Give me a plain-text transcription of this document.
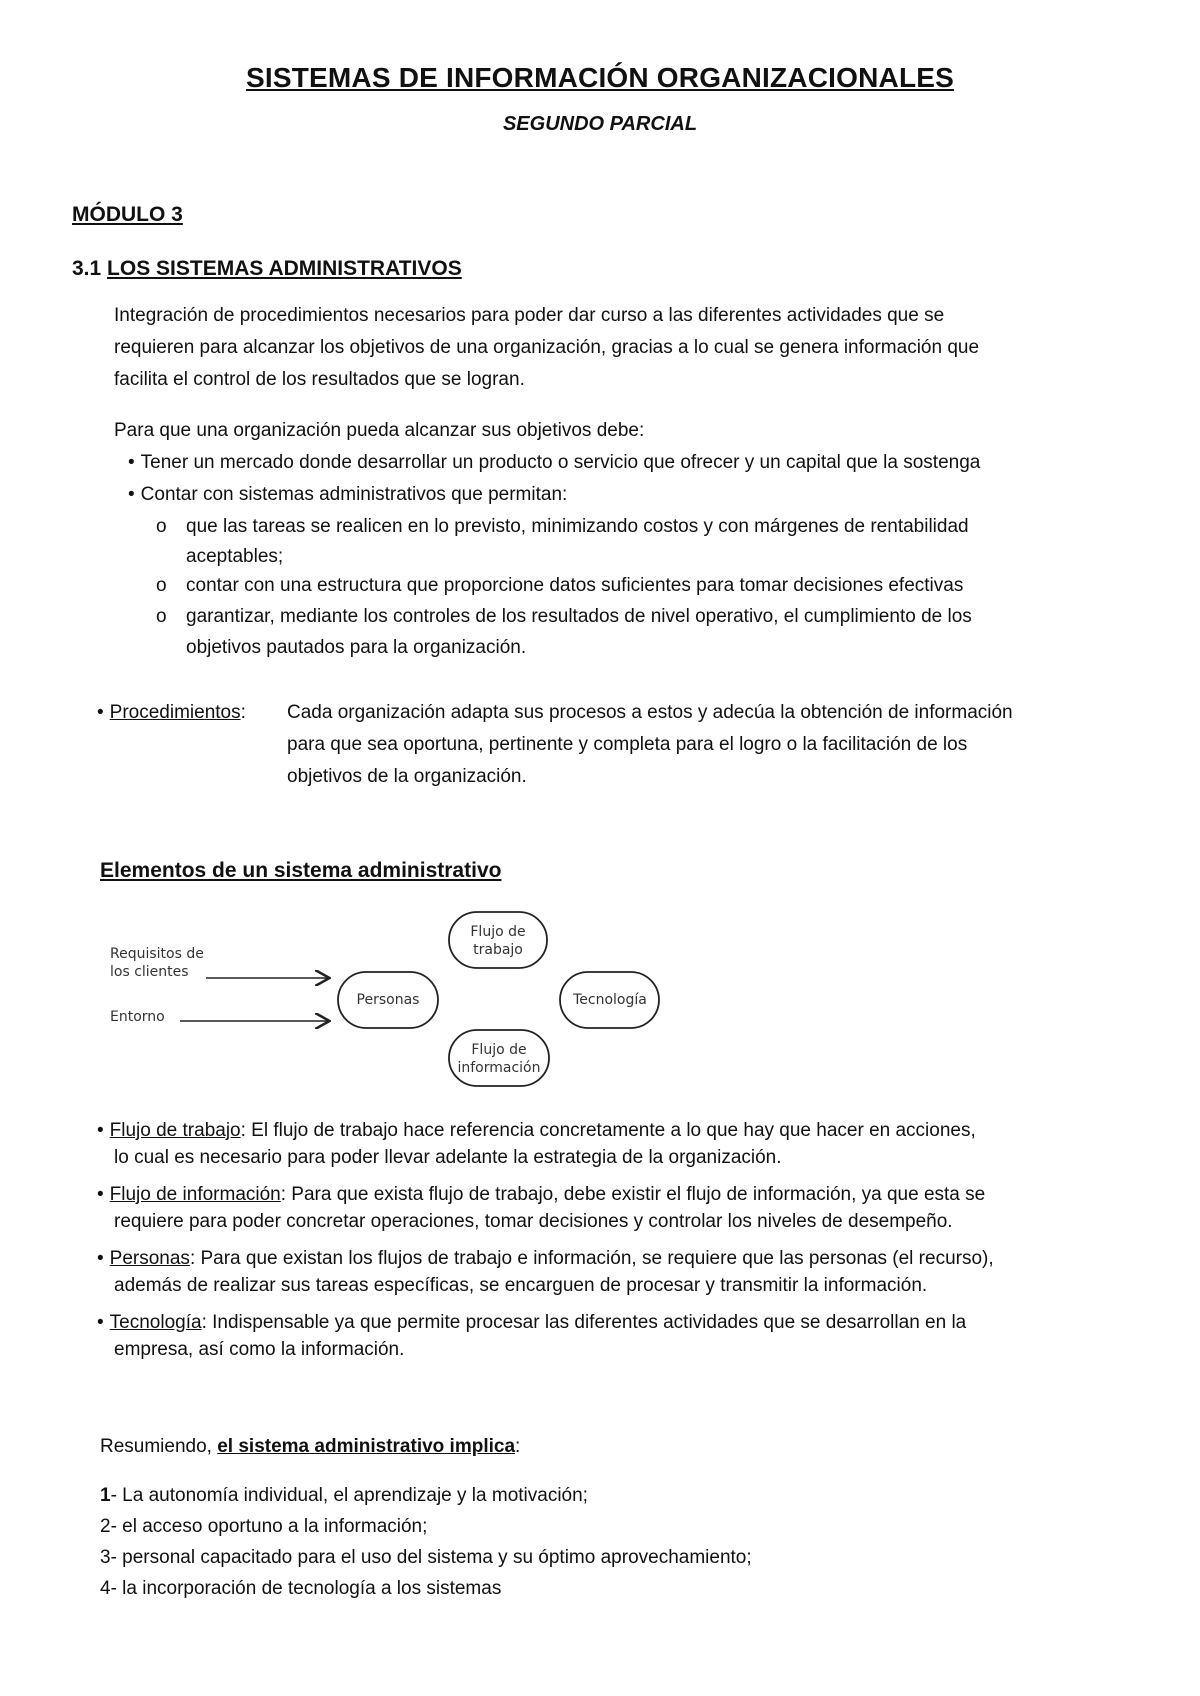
SISTEMAS DE INFORMACIÓN ORGANIZACIONALES
SEGUNDO PARCIAL
MÓDULO 3
3.1 LOS SISTEMAS ADMINISTRATIVOS
Integración de procedimientos necesarios para poder dar curso a las diferentes actividades que se
requieren para alcanzar los objetivos de una organización, gracias a lo cual se genera información que
facilita el control de los resultados que se logran.
Para que una organización pueda alcanzar sus objetivos debe:
• Tener un mercado donde desarrollar un producto o servicio que ofrecer y un capital que la sostenga
• Contar con sistemas administrativos que permitan:
o que las tareas se realicen en lo previsto, minimizando costos y con márgenes de rentabilidad
aceptables;
o contar con una estructura que proporcione datos suficientes para tomar decisiones efectivas
o garantizar, mediante los controles de los resultados de nivel operativo, el cumplimiento de los
objetivos pautados para la organización.
• Procedimientos: Cada organización adapta sus procesos a estos y adecúa la obtención de información
para que sea oportuna, pertinente y completa para el logro o la facilitación de los
objetivos de la organización.
Elementos de un sistema administrativo
Requisitos de
los clientes
Entorno
Personas	Tecnología
Flujo de
trabajo
Flujo de
información
• Flujo de trabajo: El flujo de trabajo hace referencia concretamente a lo que hay que hacer en acciones,
lo cual es necesario para poder llevar adelante la estrategia de la organización.
• Flujo de información: Para que exista flujo de trabajo, debe existir el flujo de información, ya que esta se
requiere para poder concretar operaciones, tomar decisiones y controlar los niveles de desempeño.
• Personas: Para que existan los flujos de trabajo e información, se requiere que las personas (el recurso),
además de realizar sus tareas específicas, se encarguen de procesar y transmitir la información.
• Tecnología: Indispensable ya que permite procesar las diferentes actividades que se desarrollan en la
empresa, así como la información.
Resumiendo, el sistema administrativo implica:
1- La autonomía individual, el aprendizaje y la motivación;
2- el acceso oportuno a la información;
3- personal capacitado para el uso del sistema y su óptimo aprovechamiento;
4- la incorporación de tecnología a los sistemas
